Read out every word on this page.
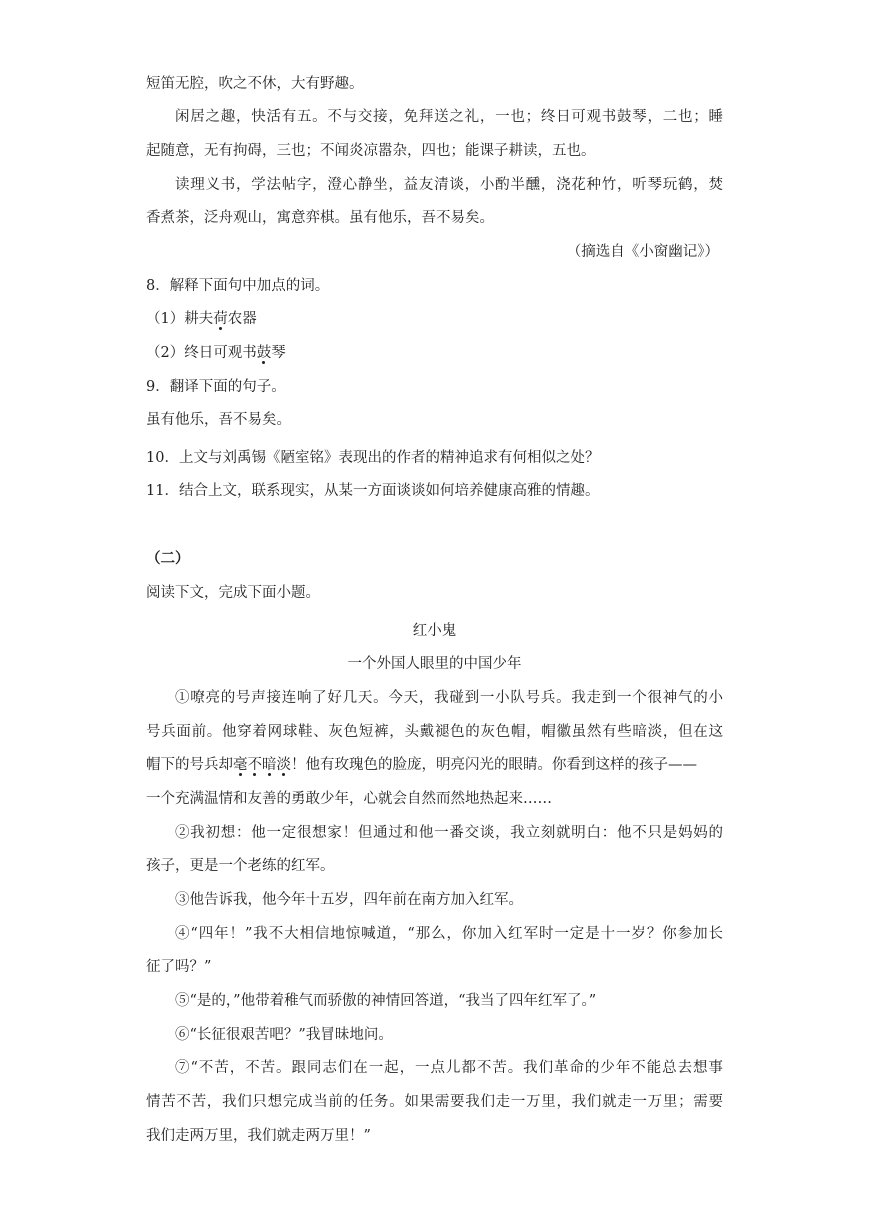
短笛无腔，吹之不休，大有野趣。
闲居之趣，快活有五。不与交接，免拜送之礼，一也；终日可观书鼓琴，二也；睡
起随意，无有拘碍，三也；不闻炎凉嚣杂，四也；能课子耕读，五也。
读理义书，学法帖字，澄心静坐，益友清谈，小酌半醺，浇花种竹，听琴玩鹤，焚
香煮茶，泛舟观山，寓意弈棋。虽有他乐，吾不易矣。
（摘选自《小窗幽记》）
8．解释下面句中加点的词。
（1）耕夫荷农器
（2）终日可观书鼓琴
9．翻译下面的句子。
虽有他乐，吾不易矣。
10．上文与刘禹锡《陋室铭》表现出的作者的精神追求有何相似之处？
11．结合上文，联系现实，从某一方面谈谈如何培养健康高雅的情趣。
（二）
阅读下文，完成下面小题。
红小鬼
一个外国人眼里的中国少年
①嘹亮的号声接连响了好几天。今天，我碰到一小队号兵。我走到一个很神气的小
号兵面前。他穿着网球鞋、灰色短裤，头戴褪色的灰色帽，帽徽虽然有些暗淡，但在这
帽下的号兵却毫不暗淡！他有玫瑰色的脸庞，明亮闪光的眼睛。你看到这样的孩子——
一个充满温情和友善的勇敢少年，心就会自然而然地热起来……
②我初想：他一定很想家！但通过和他一番交谈，我立刻就明白：他不只是妈妈的
孩子，更是一个老练的红军。
③他告诉我，他今年十五岁，四年前在南方加入红军。
④“四年！”我不大相信地惊喊道，“那么，你加入红军时一定是十一岁？你参加长
征了吗？”
⑤“是的，”他带着稚气而骄傲的神情回答道，“我当了四年红军了。”
⑥“长征很艰苦吧？”我冒昧地问。
⑦“不苦，不苦。跟同志们在一起，一点儿都不苦。我们革命的少年不能总去想事
情苦不苦，我们只想完成当前的任务。如果需要我们走一万里，我们就走一万里；需要
我们走两万里，我们就走两万里！”
